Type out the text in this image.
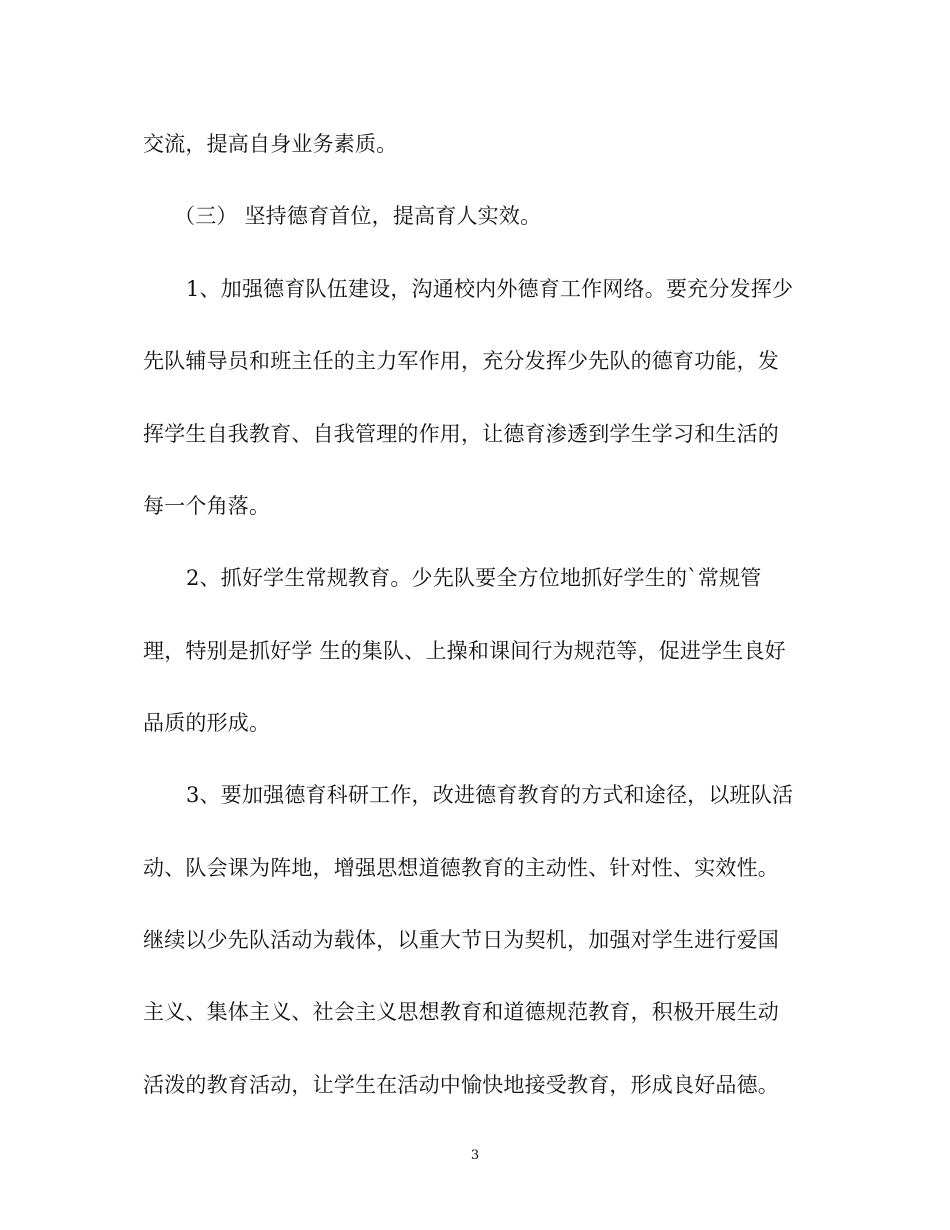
交流，提高自身业务素质。
（三） 坚持德育首位，提高育人实效。
1、加强德育队伍建设，沟通校内外德育工作网络。要充分发挥少
先队辅导员和班主任的主力军作用，充分发挥少先队的德育功能，发
挥学生自我教育、自我管理的作用，让德育渗透到学生学习和生活的
每一个角落。
2、抓好学生常规教育。少先队要全方位地抓好学生的`常规管
理，特别是抓好学 生的集队、上操和课间行为规范等，促进学生良好
品质的形成。
3、要加强德育科研工作，改进德育教育的方式和途径，以班队活
动、队会课为阵地，增强思想道德教育的主动性、针对性、实效性。
继续以少先队活动为载体，以重大节日为契机，加强对学生进行爱国
主义、集体主义、社会主义思想教育和道德规范教育，积极开展生动
活泼的教育活动，让学生在活动中愉快地接受教育，形成良好品德。
3
